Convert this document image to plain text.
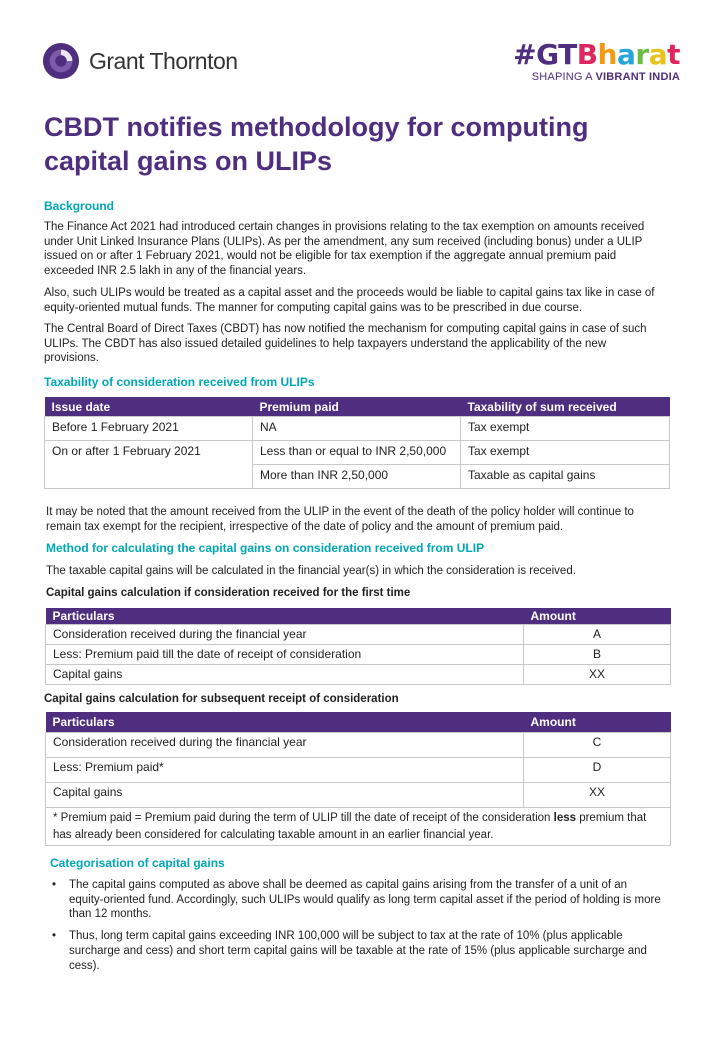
Grant Thornton	#GTBharat
SHAPING A VIBRANT INDIA
CBDT notifies methodology for computing
capital gains on ULIPs
Background

The Finance Act 2021 had introduced certain changes in provisions relating to the tax exemption on amounts received under Unit Linked Insurance Plans (ULIPs). As per the amendment, any sum received (including bonus) under a ULIP issued on or after 1 February 2021, would not be eligible for tax exemption if the aggregate annual premium paid exceeded INR 2.5 lakh in any of the financial years.

Also, such ULIPs would be treated as a capital asset and the proceeds would be liable to capital gains tax like in case of equity-oriented mutual funds. The manner for computing capital gains was to be prescribed in due course.

The Central Board of Direct Taxes (CBDT) has now notified the mechanism for computing capital gains in case of such ULIPs. The CBDT has also issued detailed guidelines to help taxpayers understand the applicability of the new provisions.

Taxability of consideration received from ULIPs
Issue date	Premium paid	Taxability of sum received
Before 1 February 2021	NA	Tax exempt
On or after 1 February 2021	Less than or equal to INR 2,50,000	Tax exempt
	More than INR 2,50,000	Taxable as capital gains

It may be noted that the amount received from the ULIP in the event of the death of the policy holder will continue to remain tax exempt for the recipient, irrespective of the date of policy and the amount of premium paid.

Method for calculating the capital gains on consideration received from ULIP

The taxable capital gains will be calculated in the financial year(s) in which the consideration is received.

Capital gains calculation if consideration received for the first time
Particulars	Amount
Consideration received during the financial year	A
Less: Premium paid till the date of receipt of consideration	B
Capital gains	XX
Capital gains calculation for subsequent receipt of consideration
Particulars	Amount
Consideration received during the financial year	C
Less: Premium paid*	D
Capital gains	XX
* Premium paid = Premium paid during the term of ULIP till the date of receipt of the consideration less premium that has already been considered for calculating taxable amount in an earlier financial year.	
Categorisation of capital gains
• The capital gains computed as above shall be deemed as capital gains arising from the transfer of a unit of an equity-oriented fund. Accordingly, such ULIPs would qualify as long term capital asset if the period of holding is more than 12 months.
• Thus, long term capital gains exceeding INR 100,000 will be subject to tax at the rate of 10% (plus applicable surcharge and cess) and short term capital gains will be taxable at the rate of 15% (plus applicable surcharge and cess).
